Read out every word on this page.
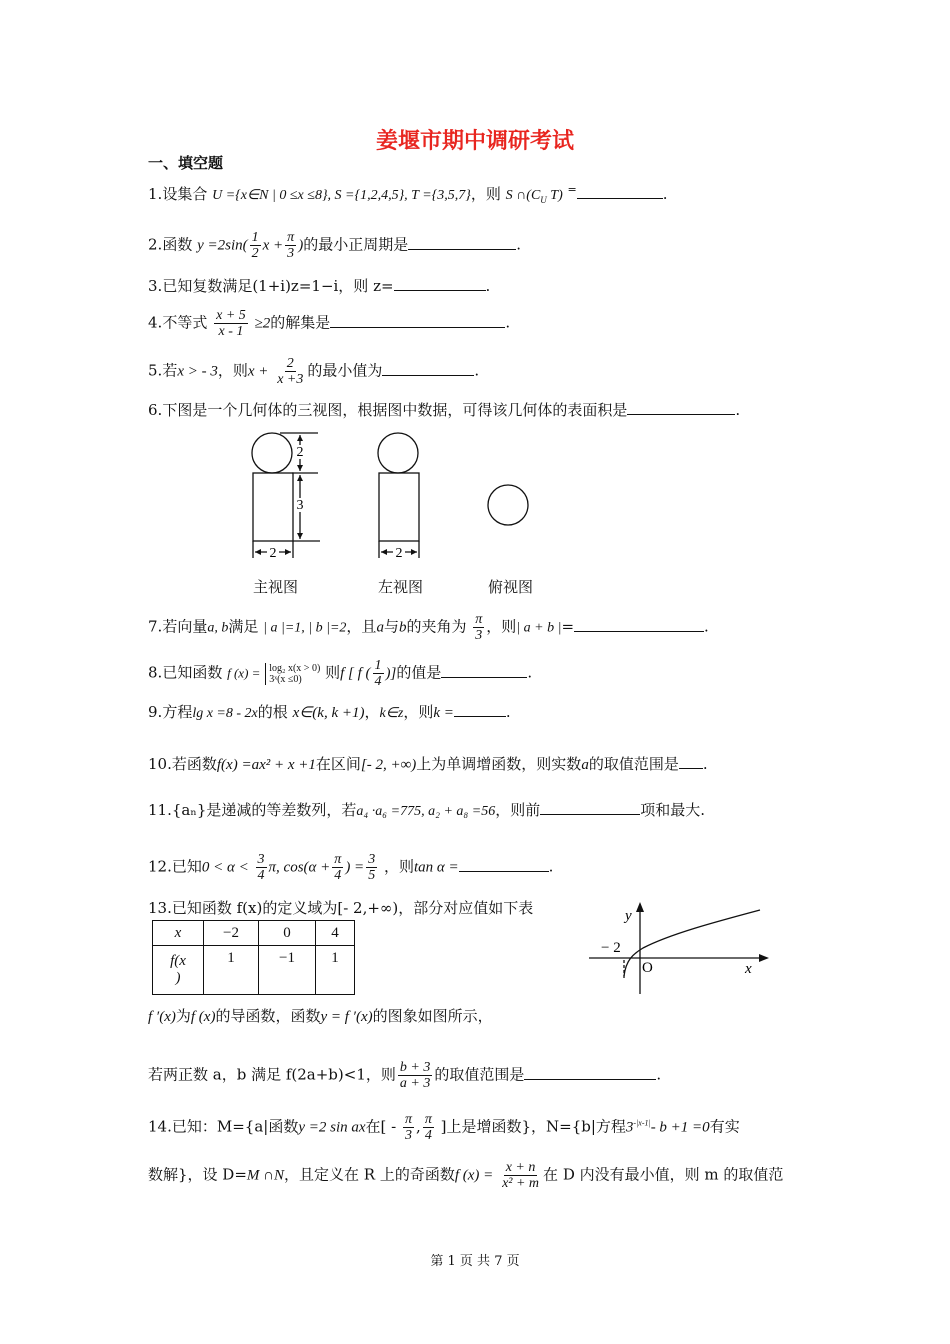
姜堰市期中调研考试
一、填空题
1.设集合 U ={x∈N | 0 ≤x ≤8}, S ={1,2,4,5}, T ={3,5,7}，则 S $\cap(C_U$ T) =	.
2.函数 $y =2\sin( \frac{1}{2}$ $x + \frac{\pi}{3}$ )的最小正周期是	.
3.已知复数满足(1+i)z=1−i，则 z=	.
4.不等式 $\frac{x + 5}{x - 1} \ge 2$的解集是	.
5.若x > - 3，则$x + \frac{2}{x +3}$ 的最小值为	.
6.下图是一个几何体的三视图，根据图中数据，可得该几何体的表面积是	.
2
3
2	2
主视图	左视图	俯视图
7.若向量a, b满足 | a |=1, | b |=2，且a与b的夹角为 $\frac{\pi}{3}$ ，则| a + b |=	.
8.已知函数 f (x) = log₂ x(x > 0)
3ˣ(x ≤0)	则f [ f ( $\frac{1}{4}$ )]的值是	.
9.方程lg x =8 - 2x的根 x∈(k, k +1)，k∈z，则k =	.
10.若函数f(x) =ax² + x +1在区间[- 2, +∞)上为单调增函数，则实数a的取值范围是 .
11.{aₙ}是递减的等差数列，若a₄ ·a₆ =775, a₂ + a₈ =56，则前	项和最大.
12.已知$0 < \alpha < \frac{3}{4} \pi$, $\cos(\alpha + \frac{\pi}{4}$ ) = $\frac{3}{5}$ ，则tan α =	.
13.已知函数 f(x)的定义域为[- 2,+∞)，部分对应值如下表
x	−2	0	4
f(x
)	1	−1	1
y
x
O
− 2
f ′(x)为f (x)的导函数，函数y = f ′(x)的图象如图所示，
若两正数 a，b 满足 f(2a+b)<1，则 $\frac{b + 3}{a + 3}$ 的取值范围是	.
14.已知：M={a|函数y =2 sin ax在[ - $\frac{\pi}{3}$ , $\frac{\pi}{4}$ ]上是增函数}，N={b|方程$3^{-|x-1|}-$ b +1 =0有实
数解}，设 D=M ∩N，且定义在 R 上的奇函数f $(x) = \frac{x + n}{\text{x² + m}}$ 在 D 内没有最小值，则 m 的取值范
第 1 页 共 7 页
